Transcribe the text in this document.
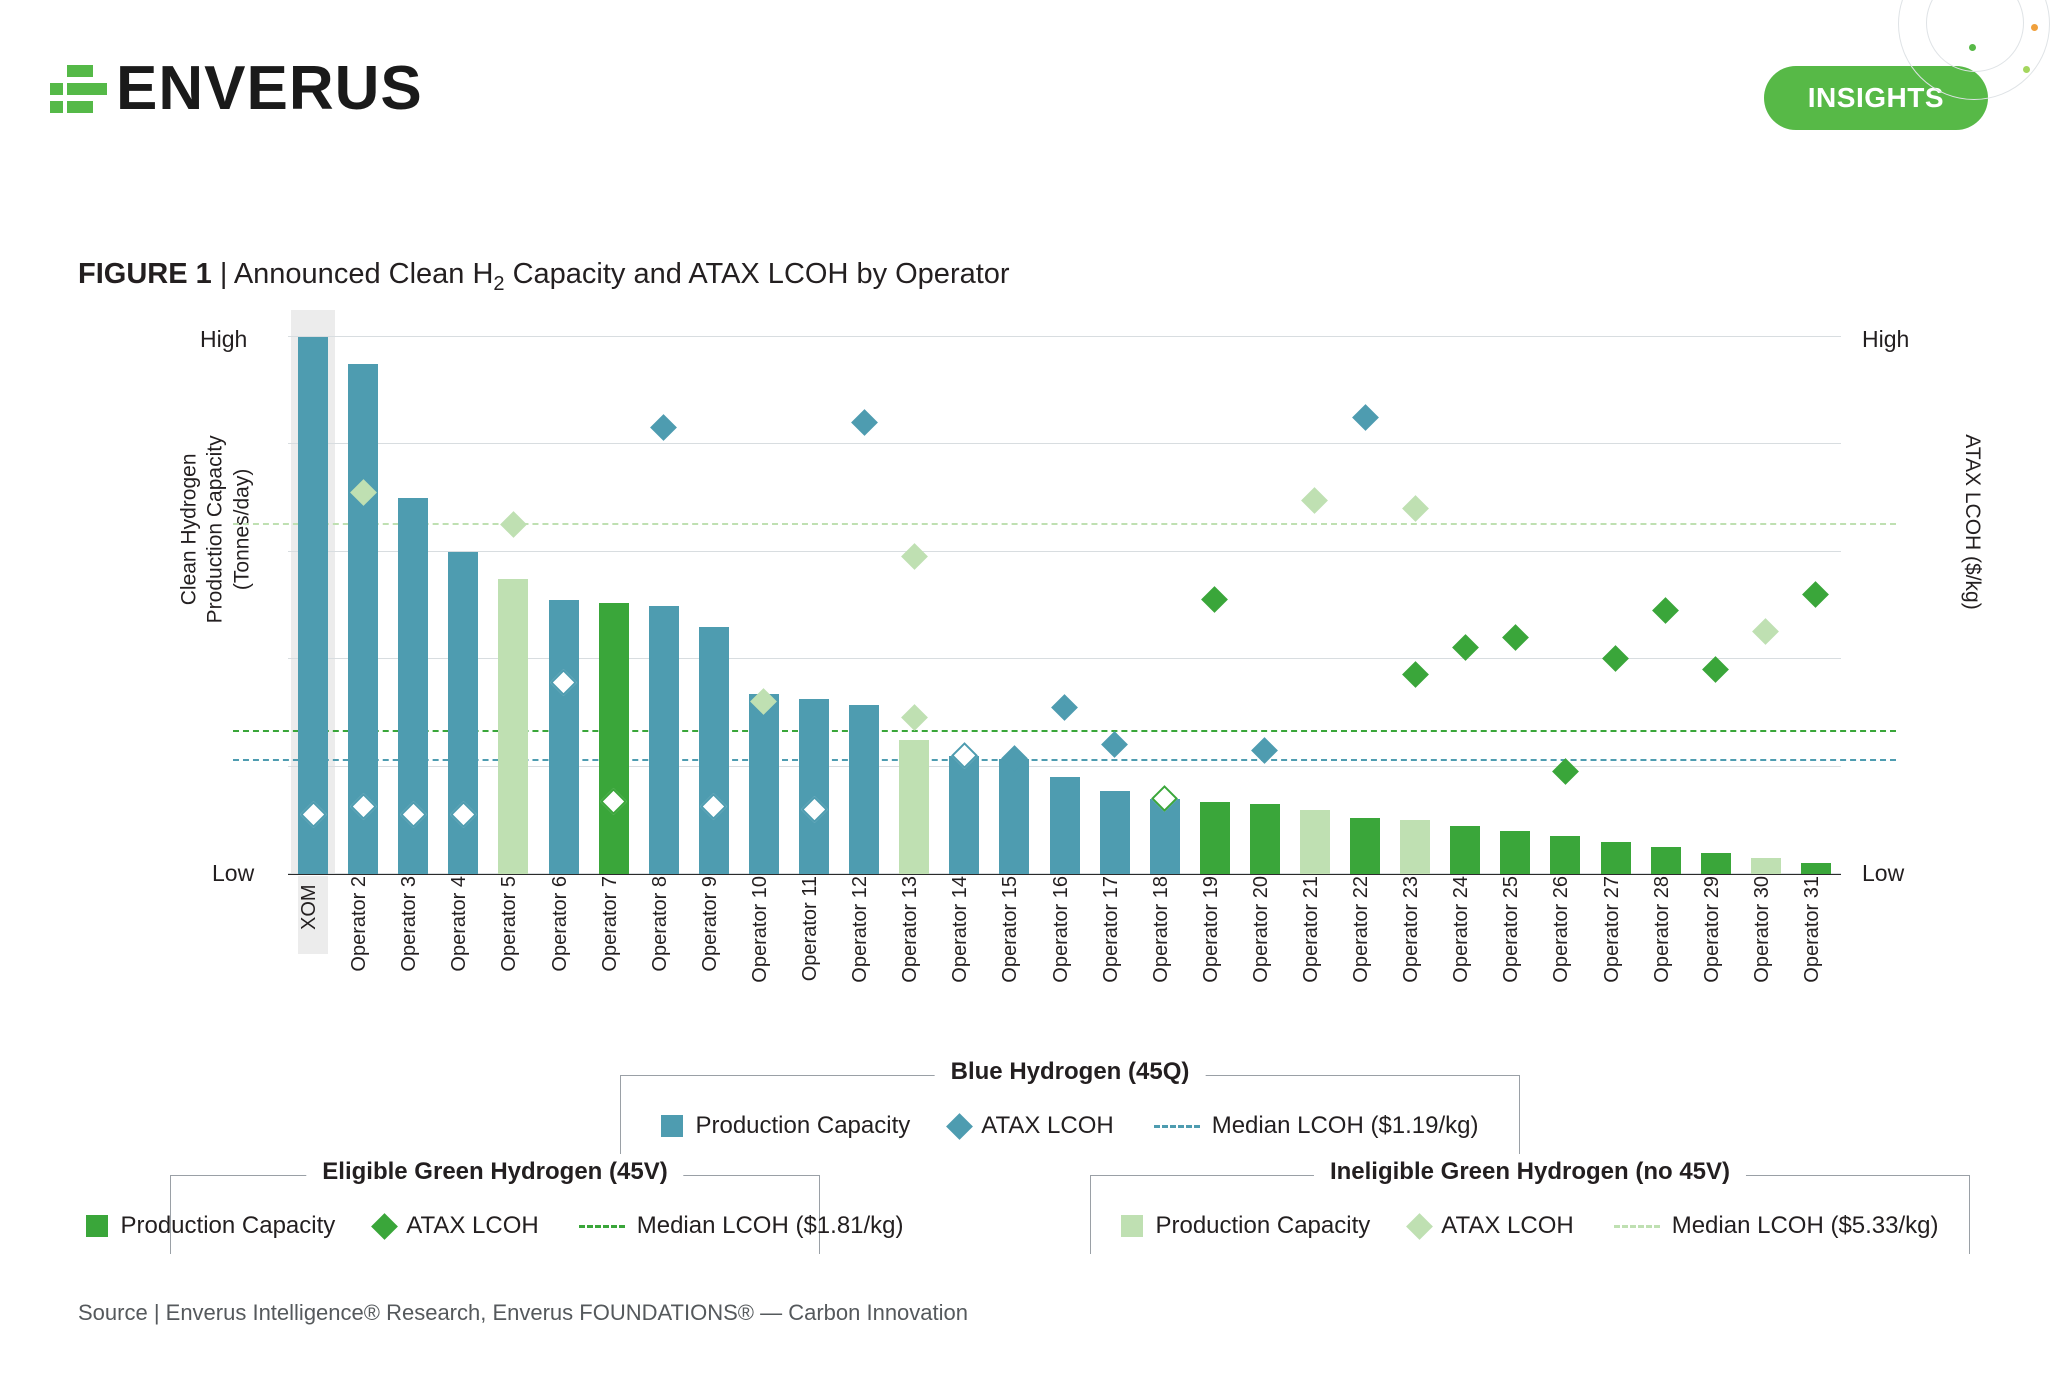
ENVERUS	INSIGHTS
FIGURE 1 | Announced Clean $H_2$ Capacity and ATAX LCOH by Operator
Clean Hydrogen Production Capacity (Tonnes/day)	ATAX LCOH ($/kg)
High
Low
High
Low
XOM	Operator 2	Operator 3	Operator 4	Operator 5	Operator 6	Operator 7	Operator 8	Operator 9	Operator 10	Operator 11	Operator 12	Operator 13	Operator 14	Operator 15	Operator 16	Operator 17	Operator 18	Operator 19	Operator 20	Operator 21	Operator 22	Operator 23	Operator 24	Operator 25	Operator 26	Operator 27	Operator 28	Operator 29	Operator 30	Operator 31
Blue Hydrogen (45Q)
Production Capacity	ATAX LCOH	Median LCOH ($1.19/kg)
Eligible Green Hydrogen (45V)
Production Capacity	ATAX LCOH	Median LCOH ($1.81/kg)
Ineligible Green Hydrogen (no 45V)
Production Capacity	ATAX LCOH	Median LCOH ($5.33/kg)
Source | Enverus Intelligence® Research, Enverus FOUNDATIONS® — Carbon Innovation
